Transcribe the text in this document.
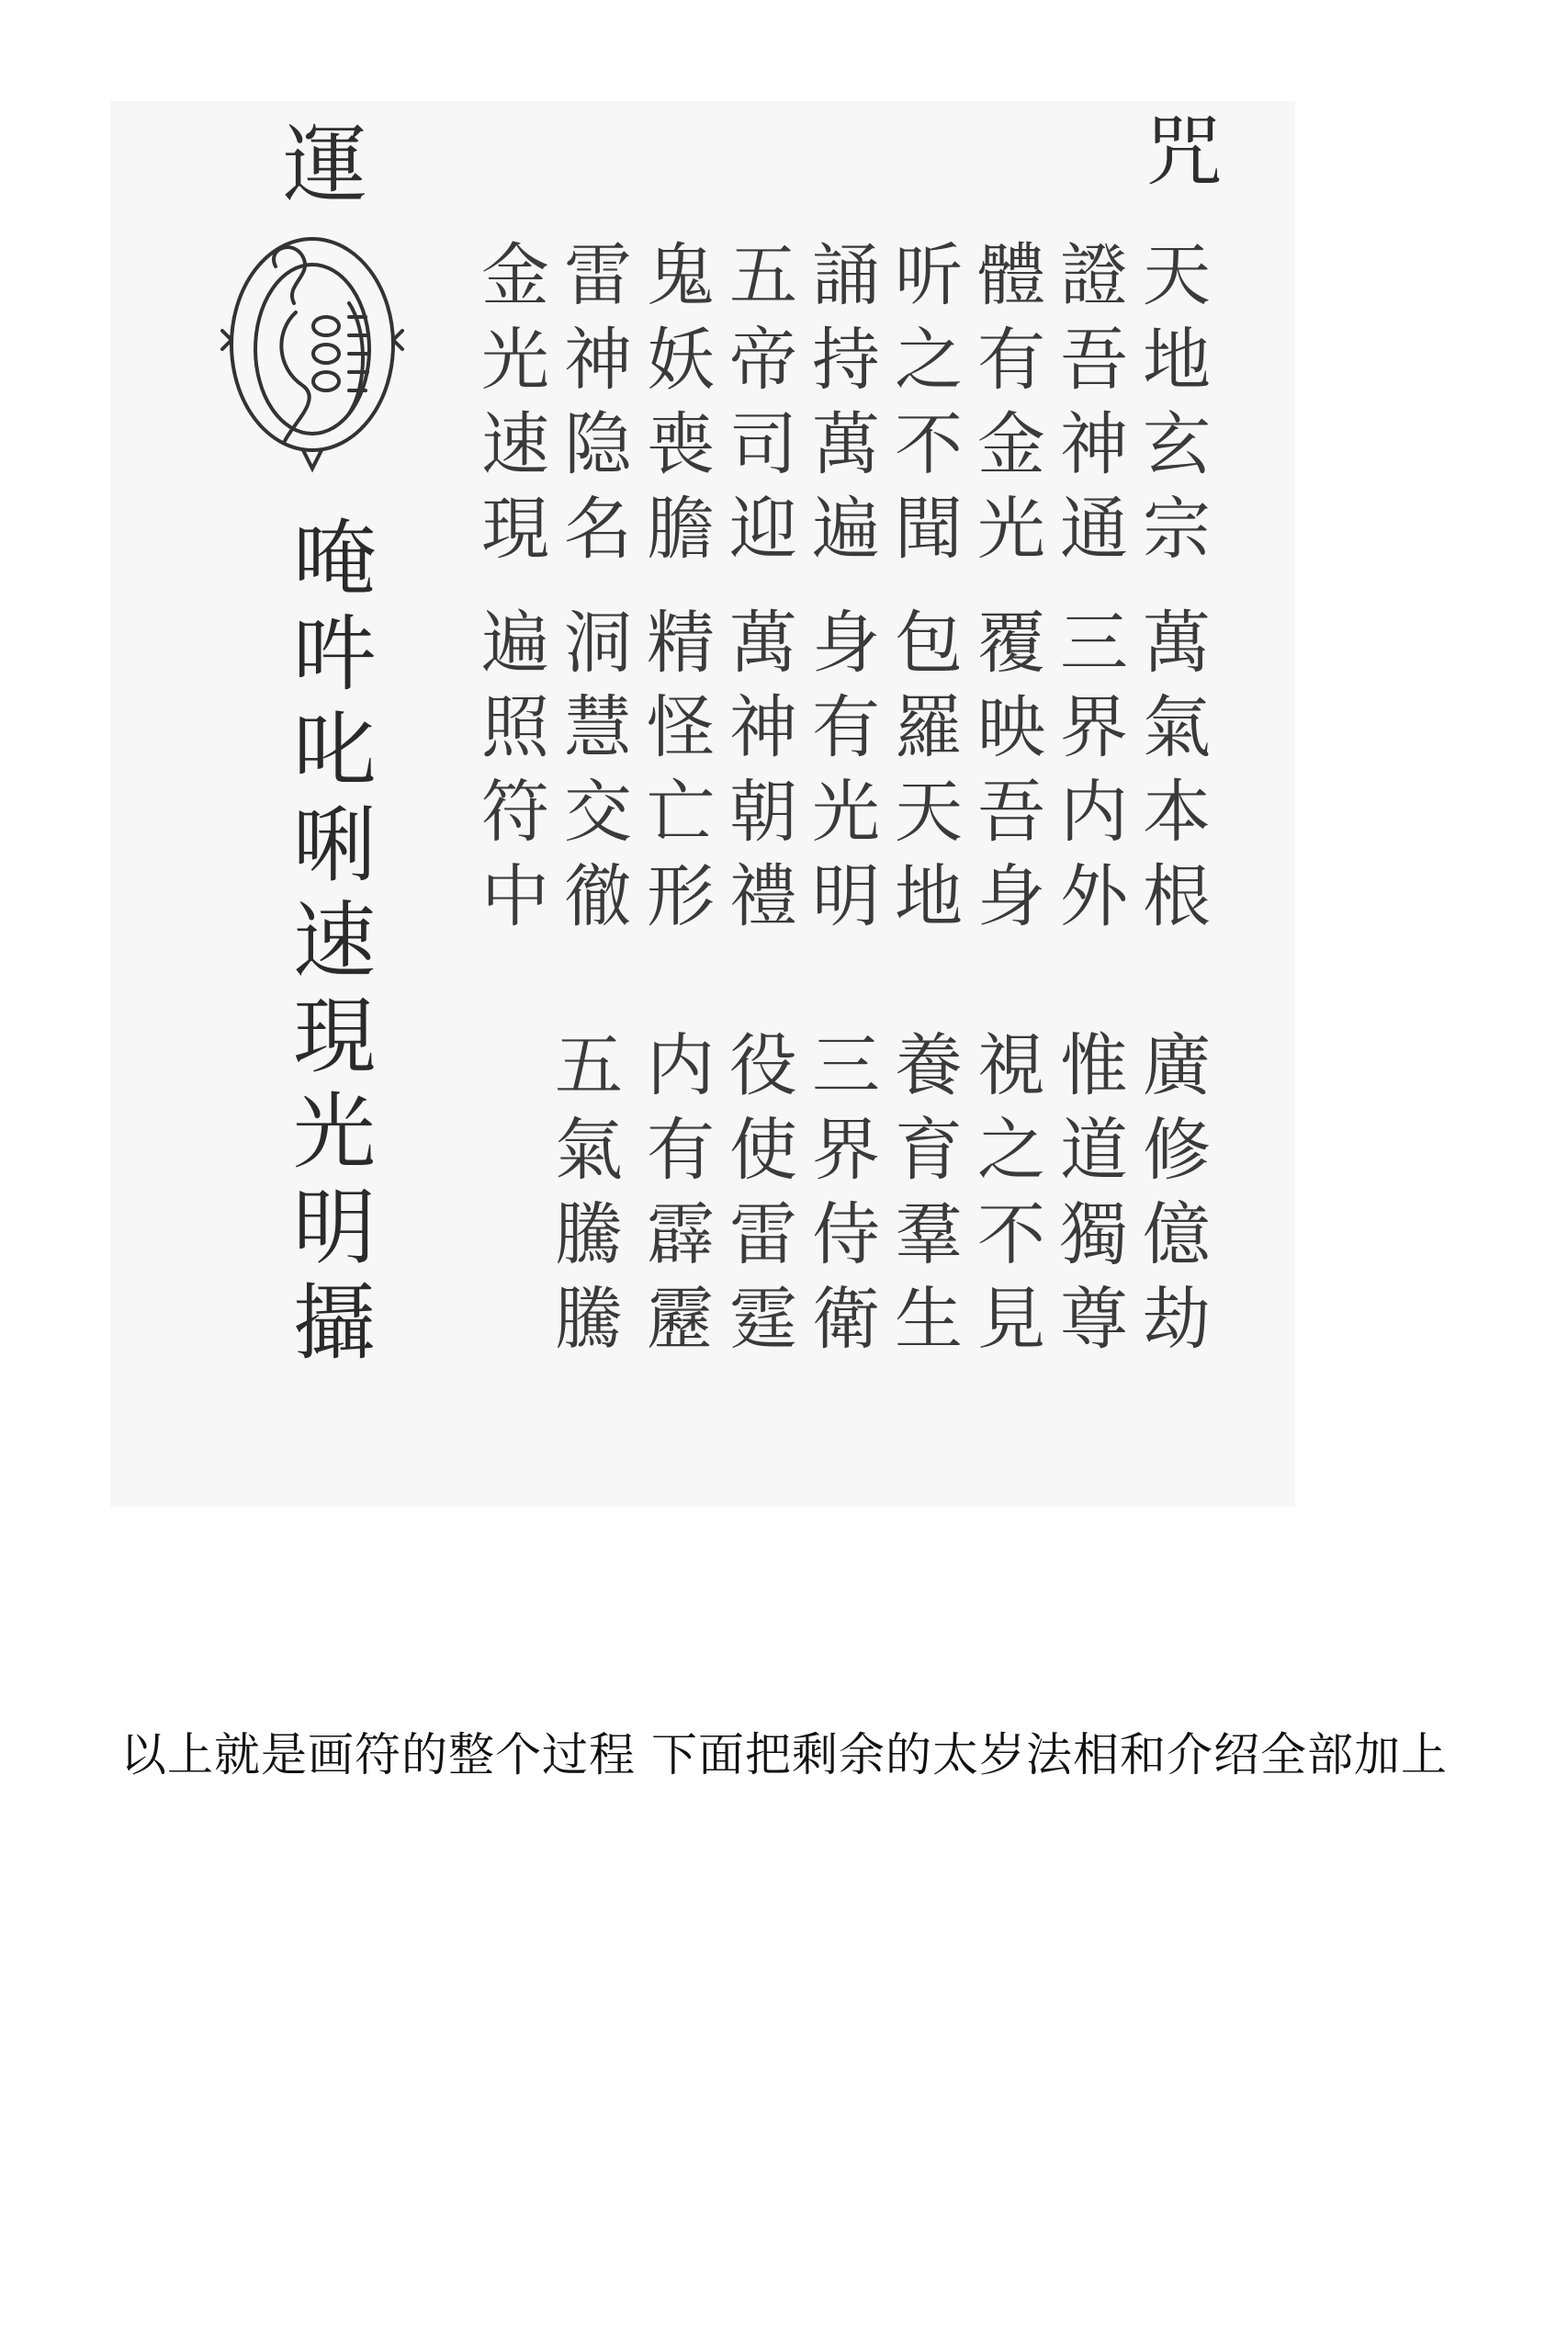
咒
天地玄宗
證吾神通
體有金光
听之不聞
誦持萬遍
五帝司迎
鬼妖喪膽
雷神隐名
金光速現
萬氣本根
三界内外
覆映吾身
包羅天地
身有光明
萬神朝禮
精怪亡形
洞慧交徹
遍照符中
廣修億劫
惟道獨尊
視之不見
養育羣生
三界侍衛
役使雷霆
内有霹靂
五氣騰騰
運
唵吽叱唎速現光明攝
以上就是画符的整个过程 下面把剩余的太岁法相和介绍全部加上
